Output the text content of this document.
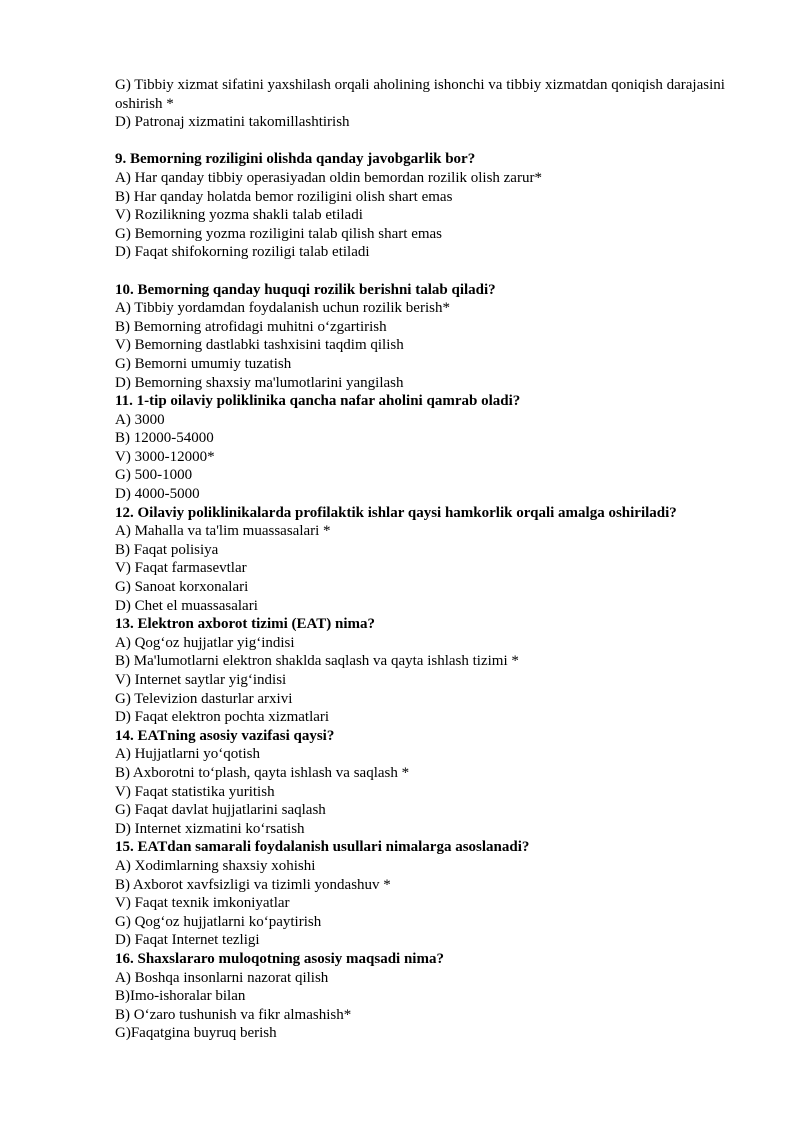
G) Tibbiy xizmat sifatini yaxshilash orqali aholining ishonchi va tibbiy xizmatdan qoniqish darajasini oshirish *
D) Patronaj xizmatini takomillashtirish
9. Bemorning roziligini olishda qanday javobgarlik bor?
A) Har qanday tibbiy operasiyadan oldin bemordan rozilik olish zarur*
B) Har qanday holatda bemor roziligini olish shart emas
V) Rozilikning yozma shakli talab etiladi
G) Bemorning yozma roziligini talab qilish shart emas
D) Faqat shifokorning roziligi talab etiladi
10. Bemorning qanday huquqi rozilik berishni talab qiladi?
A) Tibbiy yordamdan foydalanish uchun rozilik berish*
B) Bemorning atrofidagi muhitni o‘zgartirish
V) Bemorning dastlabki tashxisini taqdim qilish
G) Bemorni umumiy tuzatish
D) Bemorning shaxsiy ma'lumotlarini yangilash
11. 1-tip oilaviy poliklinika qancha nafar aholini qamrab oladi?
A) 3000
B) 12000-54000
V) 3000-12000*
G) 500-1000
D) 4000-5000
12. Oilaviy poliklinikalarda profilaktik ishlar qaysi hamkorlik orqali amalga oshiriladi?
A) Mahalla va ta'lim muassasalari *
B) Faqat polisiya
V) Faqat farmasevtlar
G) Sanoat korxonalari
D) Chet el muassasalari
13. Elektron axborot tizimi (EAT) nima?
A) Qog‘oz hujjatlar yig‘indisi
B) Ma'lumotlarni elektron shaklda saqlash va qayta ishlash tizimi *
V) Internet saytlar yig‘indisi
G) Televizion dasturlar arxivi
D) Faqat elektron pochta xizmatlari
14. EATning asosiy vazifasi qaysi?
A) Hujjatlarni yo‘qotish
B) Axborotni to‘plash, qayta ishlash va saqlash *
V) Faqat statistika yuritish
G) Faqat davlat hujjatlarini saqlash
D) Internet xizmatini ko‘rsatish
15. EATdan samarali foydalanish usullari nimalarga asoslanadi?
A) Xodimlarning shaxsiy xohishi
B) Axborot xavfsizligi va tizimli yondashuv *
V) Faqat texnik imkoniyatlar
G) Qog‘oz hujjatlarni ko‘paytirish
D) Faqat Internet tezligi
16. Shaxslararo muloqotning asosiy maqsadi nima?
A) Boshqa insonlarni nazorat qilish
B)Imo-ishoralar bilan
B) O‘zaro tushunish va fikr almashish*
G)Faqatgina buyruq berish
